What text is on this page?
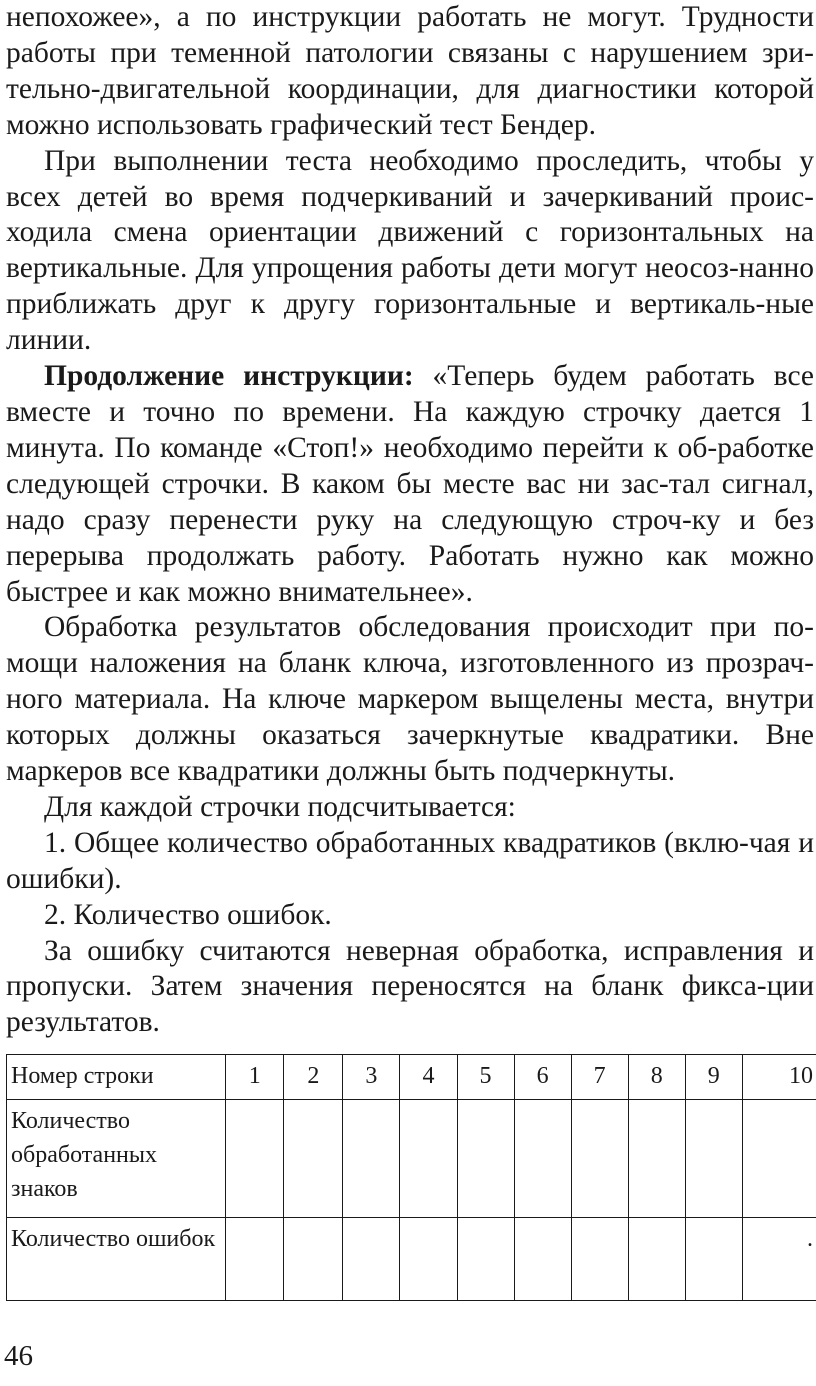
непохожее», а по инструкции работать не могут. Трудности работы при теменной патологии связаны с нарушением зри-тельно-двигательной координации, для диагностики которой можно использовать графический тест Бендер.

При выполнении теста необходимо проследить, чтобы у всех детей во время подчеркиваний и зачеркиваний проис-ходила смена ориентации движений с горизонтальных на вертикальные. Для упрощения работы дети могут неосоз-нанно приближать друг к другу горизонтальные и вертикаль-ные линии.

Продолжение инструкции: «Теперь будем работать все вместе и точно по времени. На каждую строчку дается 1 минута. По команде «Стоп!» необходимо перейти к об-работке следующей строчки. В каком бы месте вас ни зас-тал сигнал, надо сразу перенести руку на следующую строч-ку и без перерыва продолжать работу. Работать нужно как можно быстрее и как можно внимательнее».

Обработка результатов обследования происходит при по-мощи наложения на бланк ключа, изготовленного из прозрач-ного материала. На ключе маркером выщелены места, внутри которых должны оказаться зачеркнутые квадратики. Вне маркеров все квадратики должны быть подчеркнуты.

Для каждой строчки подсчитывается:

1. Общее количество обработанных квадратиков (вклю-чая и ошибки).

2. Количество ошибок.

За ошибку считаются неверная обработка, исправления и пропуски. Затем значения переносятся на бланк фикса-ции результатов.

Номер строки	1	2	3	4	5	6	7	8	9	10
Количество обработанных знаков										
Количество ошибок										.
46
